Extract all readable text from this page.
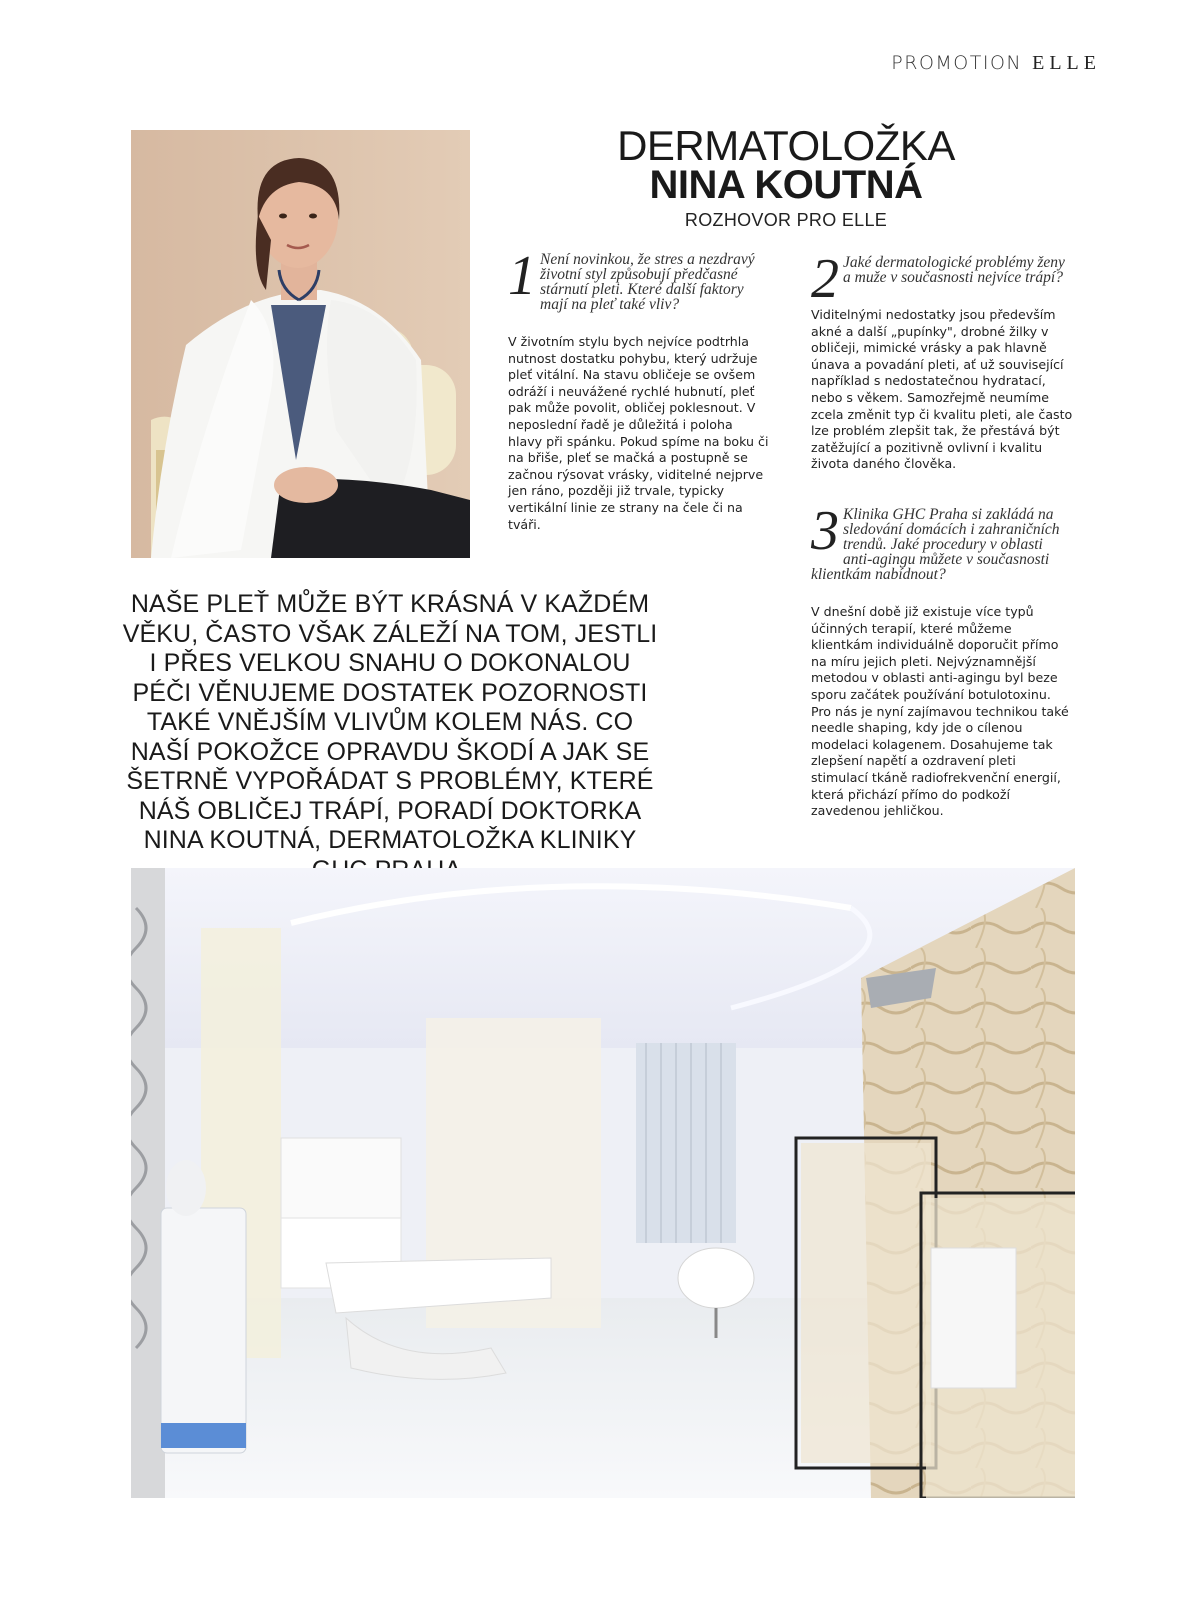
PROMOTION ELLE
DERMATOLOŽKA
NINA KOUTNÁ
ROZHOVOR PRO ELLE
1 Není novinkou, že stres a nezdravý životní styl způsobují předčasné stárnutí pleti. Které další faktory mají na pleť také vliv?
V životním stylu bych nejvíce podtrhla nutnost dostatku pohybu, který udržuje pleť vitální. Na stavu obličeje se ovšem odráží i neuvážené rychlé hubnutí, pleť pak může povolit, obličej poklesnout. V neposlední řadě je důležitá i poloha hlavy při spánku. Pokud spíme na boku či na břiše, pleť se mačká a postupně se začnou rýsovat vrásky, viditelné nejprve jen ráno, později již trvale, typicky vertikální linie ze strany na čele či na tváři.
2 Jaké dermatologické problémy ženy a muže v současnosti nejvíce trápí?
Viditelnými nedostatky jsou především akné a další „pupínky", drobné žilky v obličeji, mimické vrásky a pak hlavně únava a povadání pleti, ať už související například s nedostatečnou hydratací, nebo s věkem. Samozřejmě neumíme zcela změnit typ či kvalitu pleti, ale často lze problém zlepšit tak, že přestává být zatěžující a pozitivně ovlivní i kvalitu života daného člověka.
3 Klinika GHC Praha si zakládá na sledování domácích i zahraničních trendů. Jaké procedury v oblasti anti-agingu můžete v současnosti klientkám nabídnout?
V dnešní době již existuje více typů účinných terapií, které můžeme klientkám individuálně doporučit přímo na míru jejich pleti. Nejvýznamnější metodou v oblasti anti-agingu byl beze sporu začátek používání botulotoxinu. Pro nás je nyní zajímavou technikou také needle shaping, kdy jde o cílenou modelaci kolagenem. Dosahujeme tak zlepšení napětí a ozdravení pleti stimulací tkáně radiofrekvenční energií, která přichází přímo do podkoží zavedenou jehličkou.
NAŠE PLEŤ MŮŽE BÝT KRÁSNÁ V KAŽDÉM VĚKU, ČASTO VŠAK ZÁLEŽÍ NA TOM, JESTLI I PŘES VELKOU SNAHU O DOKONALOU PÉČI VĚNUJEME DOSTATEK POZORNOSTI TAKÉ VNĚJŠÍM VLIVŮM KOLEM NÁS. CO NAŠÍ POKOŽCE OPRAVDU ŠKODÍ A JAK SE ŠETRNĚ VYPOŘÁDAT S PROBLÉMY, KTERÉ NÁŠ OBLIČEJ TRÁPÍ, PORADÍ DOKTORKA NINA KOUTNÁ, DERMATOLOŽKA KLINIKY
